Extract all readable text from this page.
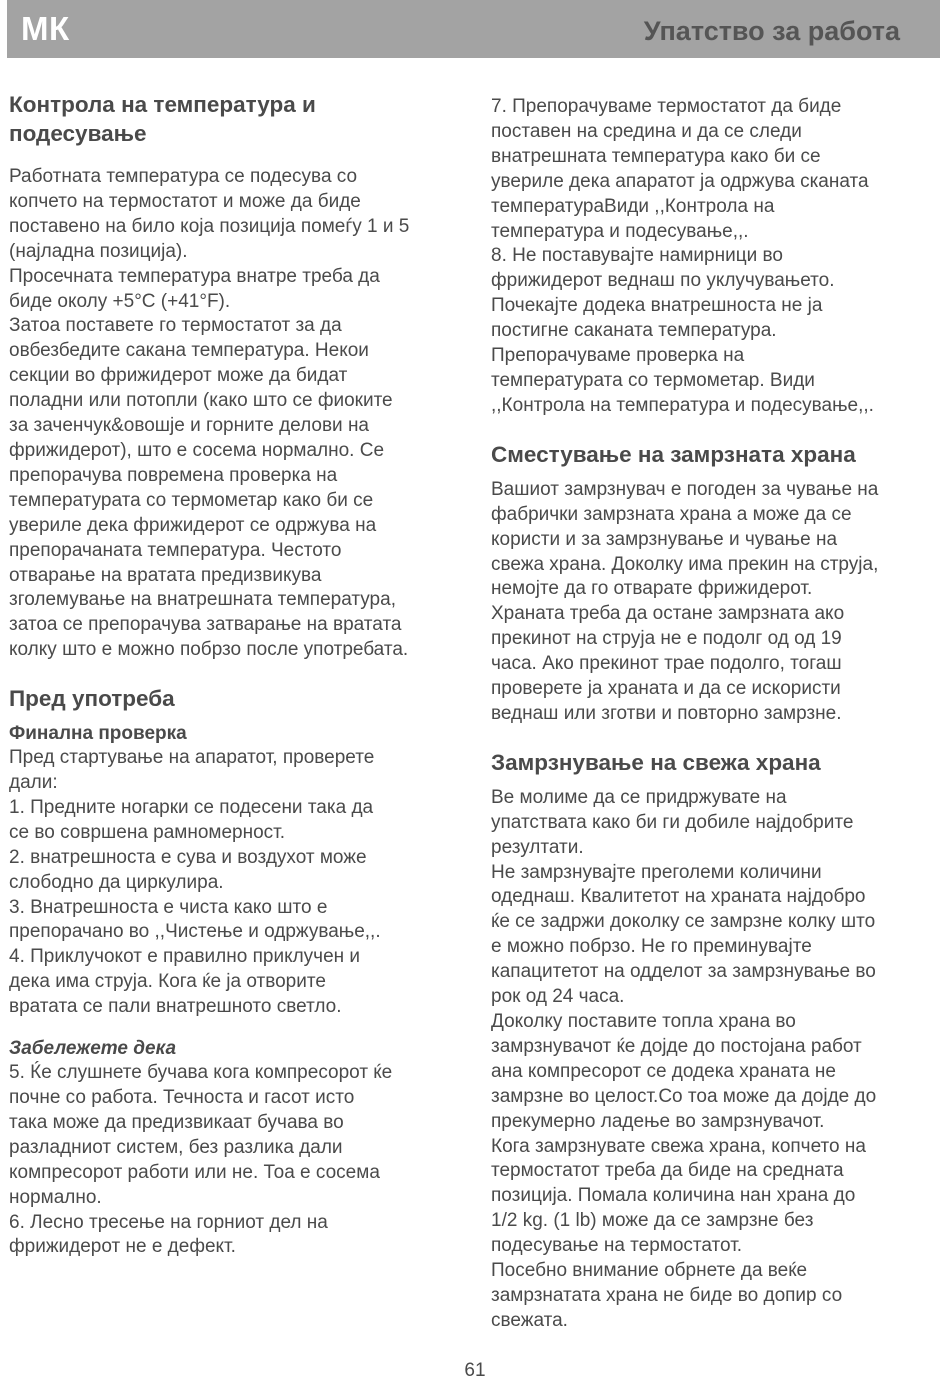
МК	Упатство за работа
Контрола на температура и
подесување

Работната температура се подесува со
копчето на термостатот и може да биде
поставено на било која позиција помеѓу 1 и 5
(најладна позиција).
Просечната температура внатре треба да
биде околу +5°C (+41°F).
Затоа поставете го термостатот за да
овбезбедите сакана температура. Некои
секции во фрижидерот може да бидат
поладни или потопли (како што се фиоките
за заченчук&овошје и горните делови на
фрижидерот), што е сосема нормално. Се
препорачува повремена проверка на
температурата со термометар како би се
увериле дека фрижидерот се одржува на
препорачаната температура. Честото
отварање на вратата предизвикува
зголемување на внатрешната температура,
затоа се препорачува затварање на вратата
колку што е можно побрзо после употребата.

Пред употреба
Финална проверка

Пред стартување на апаратот, проверете
дали:
1. Предните ногарки се подесени така да
се во совршена рамномерност.
2. внатрешноста е сува и воздухот може
слободно да циркулира.
3. Внатрешноста е чиста како што е
препорачано во ,,Чистење и одржување,,.
4. Приклучокот е правилно приклучен и
дека има струја. Кога ќе ја отворите
вратата се пали внатрешното светло.

Забележете дека

5. Ќе слушнете бучава кога компресорот ќе
почне со работа. Течноста и гасот исто
така може да предизвикаат бучава во
разладниот систем, без разлика дали
компресорот работи или не. Тоа е сосема
нормално.
6. Лесно тресење на горниот дел на
фрижидерот не е дефект.

7. Препорачуваме термостатот да биде
поставен на средина и да се следи
внатрешната температура како би се
увериле дека апаратот ја одржува сканата
температураВиди ,,Контрола на
температура и подесување,,.
8. Не поставувајте намирници во
фрижидерот веднаш по уклучувањето.
Почекајте додека внатрешноста не ја
постигне саканата температура.
Препорачуваме проверка на
температурата со термометар. Види
,,Контрола на температура и подесување,,.

Сместување на замрзната храна

Вашиот замрзнувач е погоден за чување на
фабрички замрзната храна а може да се
користи и за замрзнување и чување на
свежа храна. Доколку има прекин на струја,
немојте да го отварате фрижидерот.
Храната треба да остане замрзната ако
прекинот на струја не е подолг од од 19
часа. Ако прекинот трае подолго, тогаш
проверете ја храната и да се искористи
веднаш или зготви и повторно замрзне.

Замрзнување на свежа храна

Ве молиме да се придржувате на
упатствата како би ги добиле најдобрите
резултати.
Не замрзнувајте преголеми количини
одеднаш. Квалитетот на храната најдобро
ќе се задржи доколку се замрзне колку што
е можно побрзо. Не го преминувајте
капацитетот на одделот за замрзнување во
рок од 24 часа.
Доколку поставите топла храна во
замрзнувачот ќе дојде до постојана работ
ана компресорот се додека храната не
замрзне во целост.Со тоа може да дојде до
прекумерно ладење во замрзнувачот.
Кога замрзнувате свежа храна, копчето на
термостатот треба да биде на средната
позиција. Помала количина нан храна до
1/2 kg. (1 lb) може да се замрзне без
подесување на термостатот.
Посебно внимание обрнете да веќе
замрзнатата храна не биде во допир со
свежата.

61
